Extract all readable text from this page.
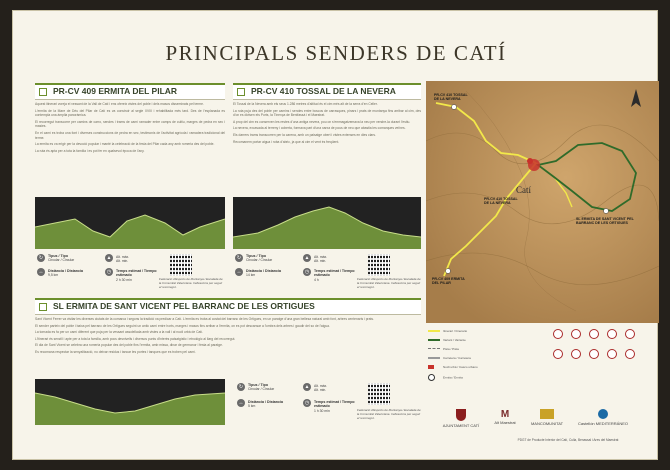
PRINCIPALS SENDERS DE CATÍ
PR-CV 409 ERMITA DEL PILAR

Aquest itinerari voreja el vessant de la Vall de Catí i ens ofereix vistes del poble i dels masos disseminats pel terme.

L'ermita de la Mare de Déu del Pilar de Catí es va construir al segle XVIII i rehabilitada més tard. Des de l'esplanada es contempla una àmplia panoràmica.

El recorregut transcorre per camins de carro, sendes i trams de camí ramader entre camps de cultiu, marges de pedra en sec i masies.

En el camí es troba una font i diverses construccions de pedra en sec, testimonis de l'activitat agrícola i ramadera tradicional del terme.

La ermita es va erigir per la devoció popular i manté la celebració de la festa del Pilar cada any amb romeria des del poble.

La ruta és apta per a tota la família i es pot fer en qualsevol època de l'any.

↻	Tipus / Tipo
Circular / Circular
↔	Distància / Distancia
9,5 km
▲	Alt. màx.
Alt. min.
◷	Temps estimat / Tiempo estimado
2 h 30 min	Federació d'Esports de Muntanya i Escalada de la Comunitat Valenciana. Indicacions per seguir el recorregut.
PR-CV 410 TOSSAL DE LA NEVERA

El Tossal de la Nevera amb els seus 1.286 metres d'altitud és el cim més alt de la serra d'en Celler.

La ruta puja des del poble per camins i sendes entre boscos de carrasques, pinars i prats de muntanya fins arribar al cim, des d'on es divisen els Ports, la Tinença de Benifassà i el Maestrat.

A prop del cim es conserven les restes d'una antiga nevera, pou on s'emmagatzemava la neu per vendre-la durant l'estiu.

La nevera, excavada al terreny i coberta, formava part d'una xarxa de pous de neu que abastia les comarques veïnes.

Els darrers trams transcorren per la carena, amb un paisatge obert i vistes extenses en dies clars.

Recomanem portar aigua i roba d'abric, ja que al cim el vent és freqüent.

↻	Tipus / Tipo
Circular / Circular
↔	Distància / Distancia
14 km
▲	Alt. màx.
Alt. min.
◷	Temps estimat / Tiempo estimado
4 h	Federació d'Esports de Muntanya i Escalada de la Comunitat Valenciana. Indicacions per seguir el recorregut.
PR-CV 410 TOSSAL DE LA NEVERA
PR-CV 410 TOSSAL DE LA NEVERA
Catí
SL ERMITA DE SANT VICENT PEL BARRANC DE LES ORTIGUES
PR-CV 409 ERMITA DEL PILAR
SL ERMITA DE SANT VICENT PEL BARRANC DE LES ORTIGUES

Sant Vicent Ferrer va visitar les diverses ciutats de la comarca i segons la tradició va predicar a Catí. L'ermita es troba al costat del barranc de les Ortigues, en un paratge d'una gran bellesa natural amb font, arbres centenaris i prats.

El sender parteix del poble i baixa pel barranc de les Ortigues seguint un antic camí entre horts, marges i masos fins arribar a l'ermita, on es pot descansar a l'ombra dels arbres i gaudir del so de l'aigua.

La tornada es fa per un camí diferent que puja per la vessant assolellada amb vistes a la vall i al nucli urbà de Catí.

L'itinerari és senzill i apte per a tota la família, amb pocs desnivells i diversos punts d'interès paisatgístic i etnològic al llarg del recorregut.

El dia de Sant Vicent se celebra una romeria popular des del poble fins l'ermita, amb missa, dinar de germanor i festa al paratge.

Es recomana respectar la senyalització, no deixar residus i tancar les portes i tanques que es troben pel camí.

↻	Tipus / Tipo
Circular / Circular
↔	Distància / Distancia
5 km
▲	Alt. màx.
Alt. min.
◷	Temps estimat / Tiempo estimado
1 h 30 min	Federació d'Esports de Muntanya i Escalada de la Comunitat Valenciana. Indicacions per seguir el recorregut.
Itinerari / Itinerario
Variant / Variante
Pista / Pista
Carretera / Carretera
Nucli urbà / Casco urbano
Ermita / Ermita
AJUNTAMENT CATÍ
M
Alt Maestrat	MANCOMUNITAT	Castellón MEDITERRÁNEO
PDGT de Producte Interior del Catí, Culla, Benassal i Ares del Maestrat
